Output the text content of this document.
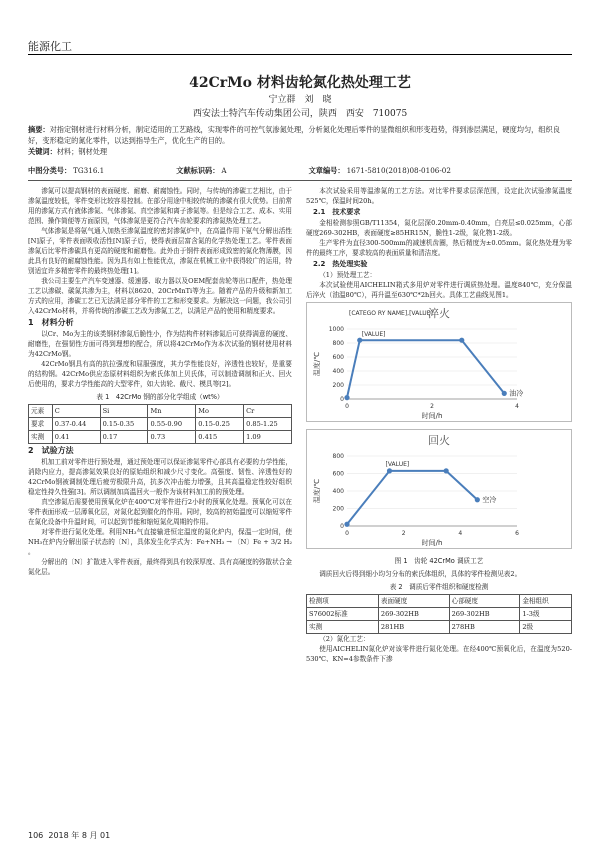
能源化工
42CrMo 材料齿轮氮化热处理工艺
宁立群　刘　晓
西安法士特汽车传动集团公司，陕西　西安　710075
摘要：对指定钢材进行材料分析，制定适用的工艺路线，实现零件的可控气氛渗氮处理，分析氮化处理后零件的显微组织和形变趋势，得到渗层满足，硬度均匀，组织良好，变形稳定的氮化零件，以达到指导生产，优化生产的目的。
关键词：材料；钢材处理
中图分类号： TG316.1	文献标识码： A	文章编号： 1671-5810(2018)08-0106-02

渗氮可以提高钢材的表面硬度、耐磨、耐腐蚀性。同时，与传统的渗碳工艺相比，由于渗氮温度较低，零件变形比较容易控制。在部分用途中相较传统的渗碳有很大优势。目前常用的渗氮方式有液体渗氮、气体渗氮、真空渗氮和离子渗氮等。但是综合工艺、成本、实用范围、操作简便等方面原因，气体渗氮是更符合汽车齿轮要求的渗氮热处理工艺。

气体渗氮是将氨气通入加热至渗氮温度的密封渗氮炉中，在高温作用下氨气分解出活性[N]原子，零件表面吸收活性[N]原子后，使得表面层富含氮的化学热处理工艺。零件表面渗氮后比零件渗碳具有更高的硬度和耐磨性。此外由于钢件表面形成致密的氮化物薄膜，因此具有良好的耐腐蚀性能。因为具有如上性能优点，渗氮在机械工业中获得较广的运用，特别适宜许多精密零件的最终热处理[1]。

我公司主要生产汽车变速器、缓速器、取力器以及OEM配套齿轮等出口配件，热处理工艺以渗碳、碳氮共渗为主，材料以8620、20CrMnTi等为主。随着产品的升级和新加工方式的应用，渗碳工艺已无法满足部分零件的工艺和形变要求。为解决这一问题，我公司引入42CrMo材料，并将传统的渗碳工艺改为渗氮工艺，以满足产品的使用和精度要求。

1　材料分析

以Cr、Mo为主的该类钢材渗氮后脆性小，作为结构件材料渗氮后可获得满意的硬度、耐磨性，在强韧性方面可得到理想的配合，所以将42CrMo作为本次试验的钢材使用材料为42CrMo钢。

42CrMo钢具有高的抗拉强度和屈服强度，其力学性能良好，淬透性也较好，是重要的结构钢。42CrMo供应态原材料组织为索氏体加上贝氏体，可以制造调制和正火、回火后使用的，要求力学性能高的大型零件，如大齿轮、截尺、模具等[2]。

表 1　42CrMo 钢的部分化学组成（wt%）
元素	C	Si	Mn	Mo	Cr
要求	0.37-0.44	0.15-0.35	0.55-0.90	0.15-0.25	0.85-1.25
实测	0.41	0.17	0.73	0.415	1.09
2　试验方法

机加工前对零件进行预处理，通过预处理可以保证渗氮零件心部具有必要的力学性能，消除内应力，提高渗氮效果良好的原始组织和减少尺寸变化。高强度、韧性、淬透性好的42CrMo钢被调制处理后疲劳极限升高，抗多次冲击能力增强，且其高温稳定性较好组织稳定性持久性强[3]。所以调制加高温回火一般作为该材料加工前的预处理。

真空渗氮后需要使用预氧化炉在400℃对零件进行2小时的预氧化处理。预氧化可以在零件表面形成一层薄氧化层，对氮化起到催化的作用。同时，较高的初始温度可以缩短零件在氮化设备中升温时间，可以起到节能和缩短氮化周期的作用。

对零件进行氮化处理。利用NH₃气直接输进恒定温度的氮化炉内，保温一定时间，使NH₃在炉内分解出原子状态的〔N〕，具体发生化学式为：Fe+NH₃ → 〔N〕Fe + 3/2 H₂ 。

分解出的〔N〕扩散进入零件表面，最终得到具有较深厚度、具有高硬度的弥散状合金氮化层。

本次试验采用等温渗氮的工艺方法。对比零件要求层深范围，设定此次试验渗氮温度525℃，保温时间20h。

2.1　技术要求

金相检测参照GB/T11354，氮化层深0.20mm-0.40mm，白亮层≤0.025mm，心部硬度269-302HB，表面硬度≥85HR15N，脆性1-2级，氮化物1-2级。

生产零件为直径300-500mm的减速机齿圈，热后精度为±0.05mm。氮化热处理为零件的最终工序，要求较高的表面质量和清洁度。

2.2　热处理实验

（1）预处理工艺：

本次试验使用AICHELIN箱式多用炉对零件进行调质热处理。温度840℃，充分保温后淬火（油温80℃），再升温至630℃*2h回火。具体工艺曲线见图1。

淬火
0
200
400
600
800
1000
0	2	4
时间/h
温度/℃
油冷
[CATEGO RY NAME],[VALUE]
[VALUE]

回火
0
200
400
600
800
0	2	4	6
时间/h
温度/℃	空冷
[VALUE]
图 1　齿轮 42CrMo 调质工艺

调质回火后得到细小均匀分布的索氏体组织，具体的零件检测见表2。

表 2　调质后零件组织和硬度检测
检测项	表面硬度	心部硬度	金相组织
S76002标准	269-302HB	269-302HB	1-3级
实测	281HB	278HB	2级

（2）氮化工艺：

使用AICHELIN氮化炉对该零件进行氮化处理。在经400℃预氧化后，在温度为520-530℃、KN=4参数条件下渗

106 2018 年 8 月 01
